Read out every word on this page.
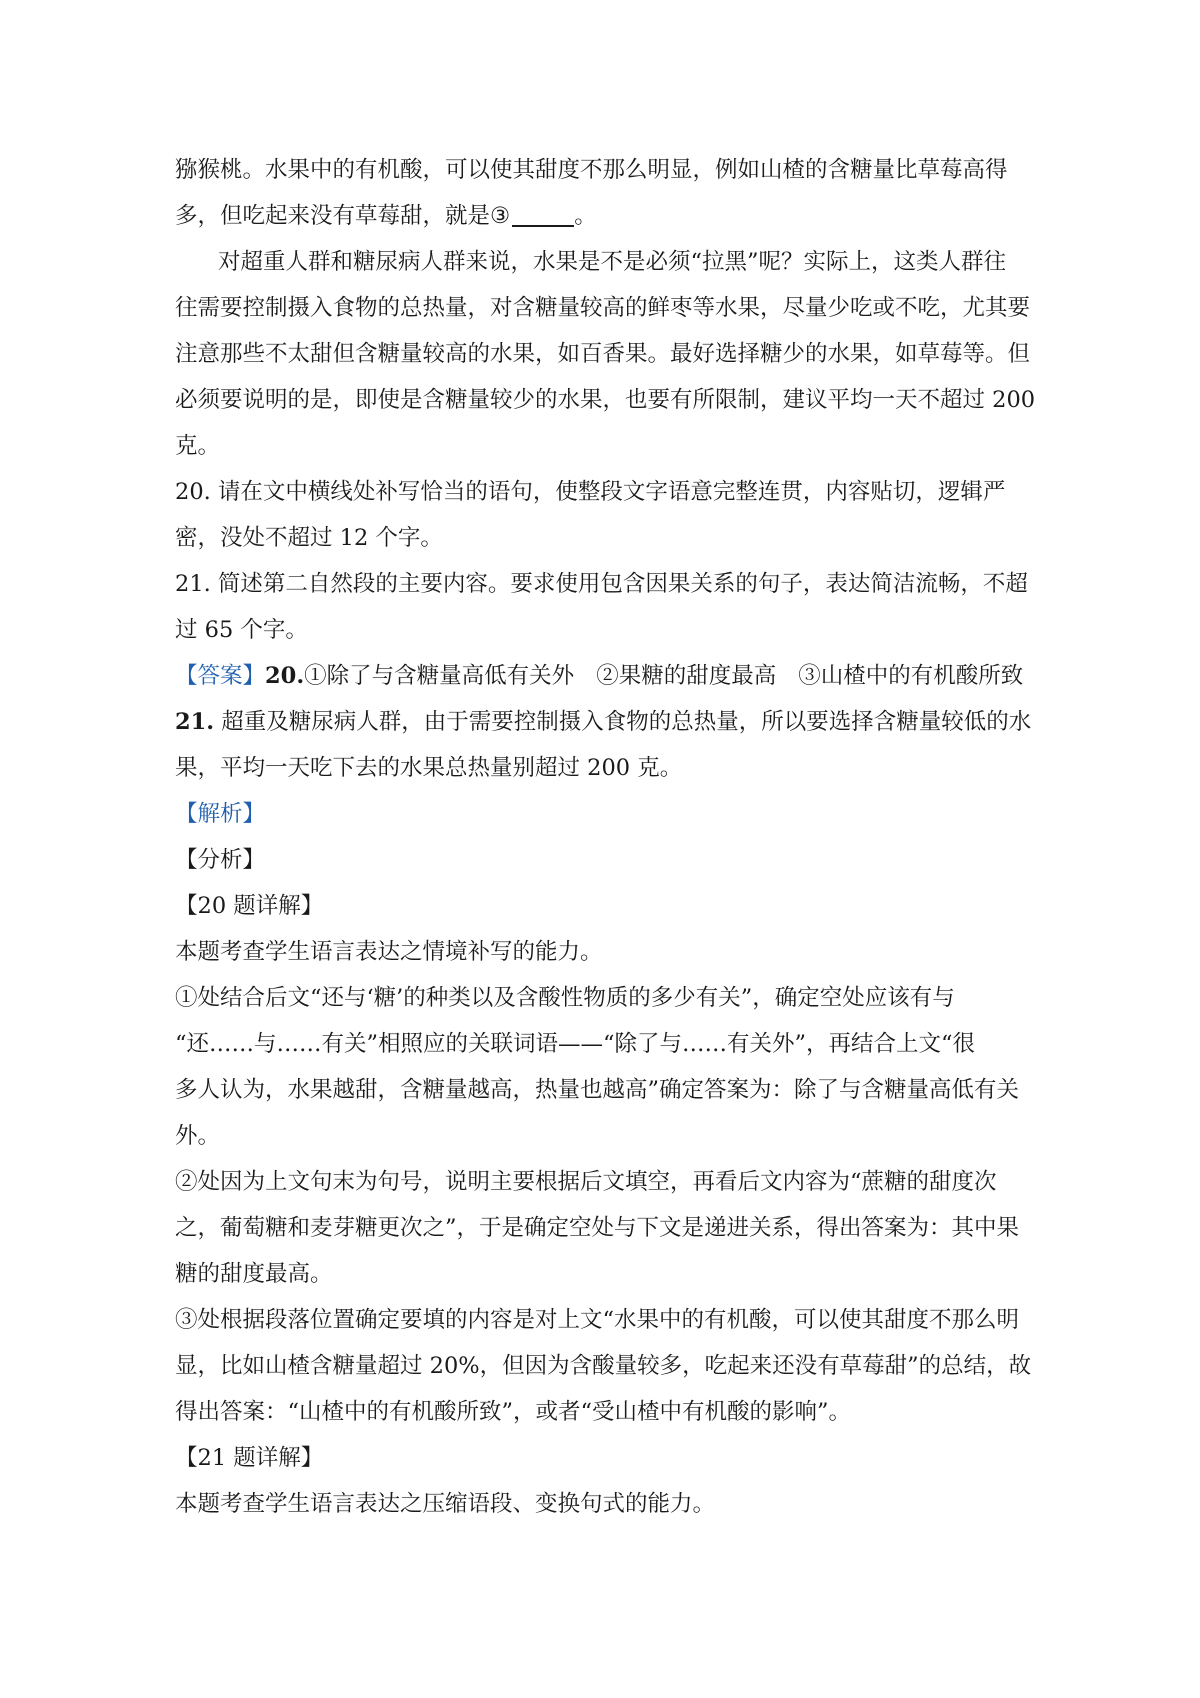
猕猴桃。水果中的有机酸，可以使其甜度不那么明显，例如山楂的含糖量比草莓高得
多，但吃起来没有草莓甜，就是③	。
对超重人群和糖尿病人群来说，水果是不是必须“拉黑”呢？实际上，这类人群往
往需要控制摄入食物的总热量，对含糖量较高的鲜枣等水果，尽量少吃或不吃，尤其要
注意那些不太甜但含糖量较高的水果，如百香果。最好选择糖少的水果，如草莓等。但
必须要说明的是，即使是含糖量较少的水果，也要有所限制，建议平均一天不超过 200
克。
20. 请在文中横线处补写恰当的语句，使整段文字语意完整连贯，内容贴切，逻辑严
密，没处不超过 12 个字。
21. 简述第二自然段的主要内容。要求使用包含因果关系的句子，表达简洁流畅，不超
过 65 个字。
【答案】20.①除了与含糖量高低有关外 ②果糖的甜度最高 ③山楂中的有机酸所致
21. 超重及糖尿病人群，由于需要控制摄入食物的总热量，所以要选择含糖量较低的水
果，平均一天吃下去的水果总热量别超过 200 克。
【解析】
【分析】
【20 题详解】
本题考查学生语言表达之情境补写的能力。
①处结合后文“还与‘糖’的种类以及含酸性物质的多少有关”，确定空处应该有与
“还……与……有关”相照应的关联词语——“除了与……有关外”，再结合上文“很
多人认为，水果越甜，含糖量越高，热量也越高”确定答案为：除了与含糖量高低有关
外。
②处因为上文句末为句号，说明主要根据后文填空，再看后文内容为“蔗糖的甜度次
之，葡萄糖和麦芽糖更次之”，于是确定空处与下文是递进关系，得出答案为：其中果
糖的甜度最高。
③处根据段落位置确定要填的内容是对上文“水果中的有机酸，可以使其甜度不那么明
显，比如山楂含糖量超过 20%，但因为含酸量较多，吃起来还没有草莓甜”的总结，故
得出答案：“山楂中的有机酸所致”，或者“受山楂中有机酸的影响”。
【21 题详解】
本题考查学生语言表达之压缩语段、变换句式的能力。
